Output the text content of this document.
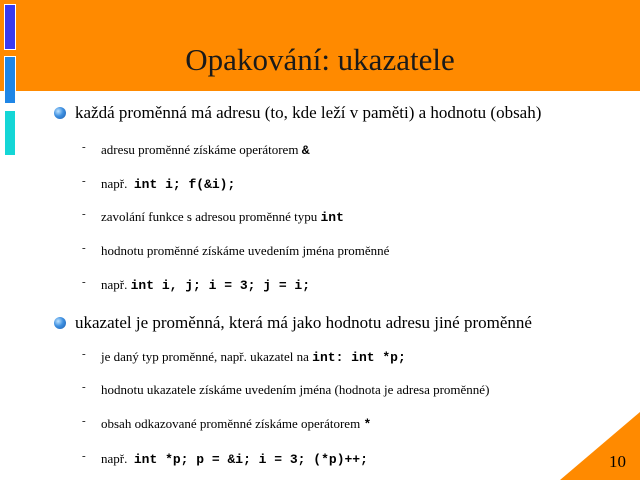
Opakování: ukazatele
každá proměnná má adresu (to, kde leží v paměti) a hodnotu (obsah)
- adresu proměnné získáme operátorem &
- např. int i; f(&i);
- zavolání funkce s adresou proměnné typu int
- hodnotu proměnné získáme uvedením jména proměnné
- např. int i, j; i = 3; j = i;
ukazatel je proměnná, která má jako hodnotu adresu jiné proměnné
- je daný typ proměnné, např. ukazatel na int: int *p;
- hodnotu ukazatele získáme uvedením jména (hodnota je adresa proměnné)
- obsah odkazované proměnné získáme operátorem *
- např. int *p; p = &i; i = 3; (*p)++;	10
